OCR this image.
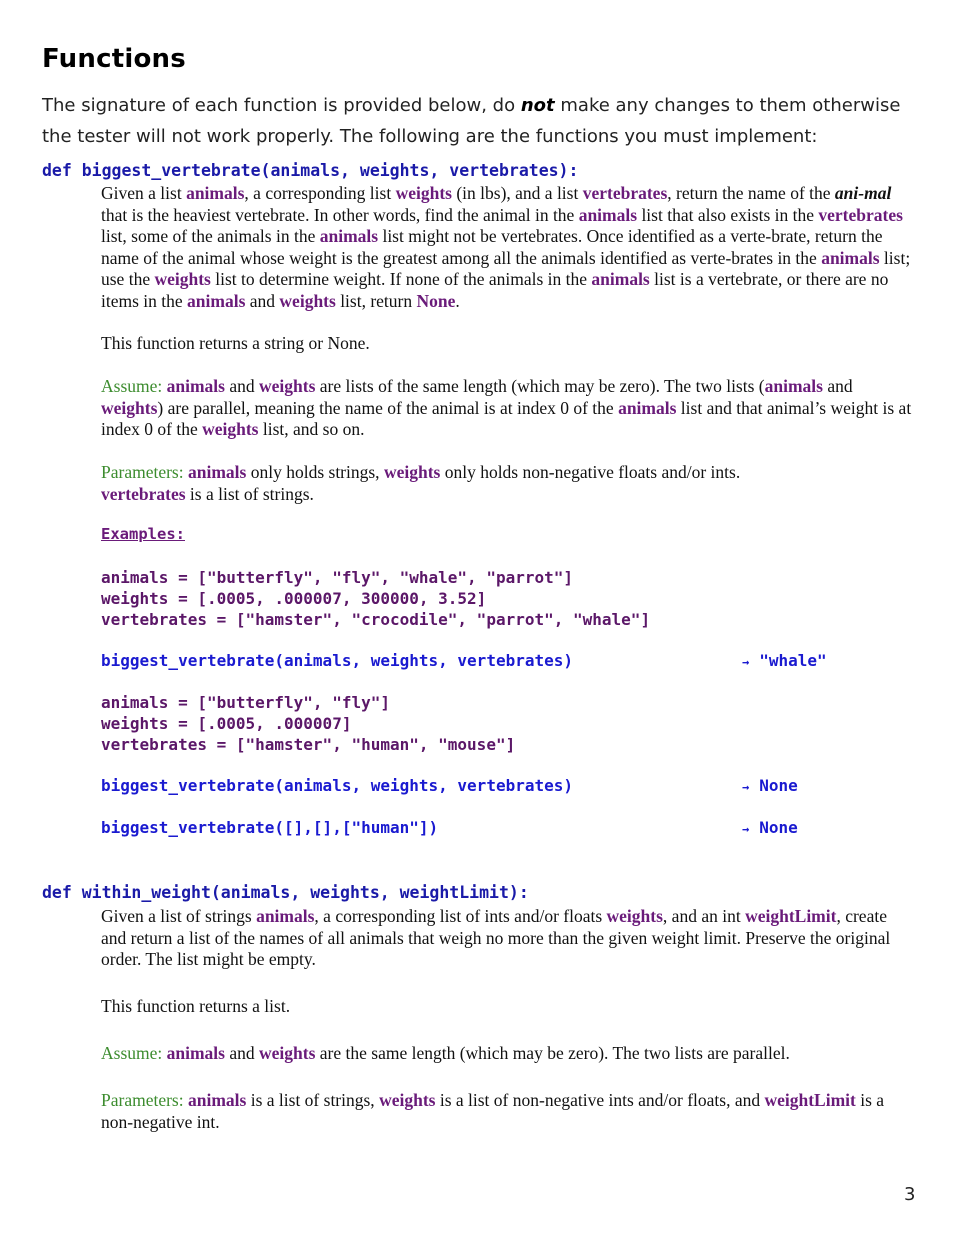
Functions
The signature of each function is provided below, do not make any changes to them otherwise the tester will not work properly. The following are the functions you must implement:
def biggest_vertebrate(animals, weights, vertebrates):
Given a list animals, a corresponding list weights (in lbs), and a list vertebrates, return the name of the ani-mal that is the heaviest vertebrate. In other words, find the animal in the animals list that also exists in the vertebrates list, some of the animals in the animals list might not be vertebrates. Once identified as a verte-brate, return the name of the animal whose weight is the greatest among all the animals identified as verte-brates in the animals list; use the weights list to determine weight. If none of the animals in the animals list is a vertebrate, or there are no items in the animals and weights list, return None.
This function returns a string or None.
Assume: animals and weights are lists of the same length (which may be zero). The two lists (animals and weights) are parallel, meaning the name of the animal is at index 0 of the animals list and that animal’s weight is at index 0 of the weights list, and so on.
Parameters: animals only holds strings, weights only holds non-negative floats and/or ints.
vertebrates is a list of strings.
Examples:
animals = ["butterfly", "fly", "whale", "parrot"]
weights = [.0005, .000007, 300000, 3.52]
vertebrates = ["hamster", "crocodile", "parrot", "whale"]
biggest_vertebrate(animals, weights, vertebrates)	→ "whale"
animals = ["butterfly", "fly"]
weights = [.0005, .000007]
vertebrates = ["hamster", "human", "mouse"]
biggest_vertebrate(animals, weights, vertebrates)	→ None
biggest_vertebrate([],[],["human"])	→ None
def within_weight(animals, weights, weightLimit):
Given a list of strings animals, a corresponding list of ints and/or floats weights, and an int weightLimit, create and return a list of the names of all animals that weigh no more than the given weight limit. Preserve the original order. The list might be empty.
This function returns a list.
Assume: animals and weights are the same length (which may be zero). The two lists are parallel.
Parameters: animals is a list of strings, weights is a list of non-negative ints and/or floats, and weightLimit is a non-negative int.
3
